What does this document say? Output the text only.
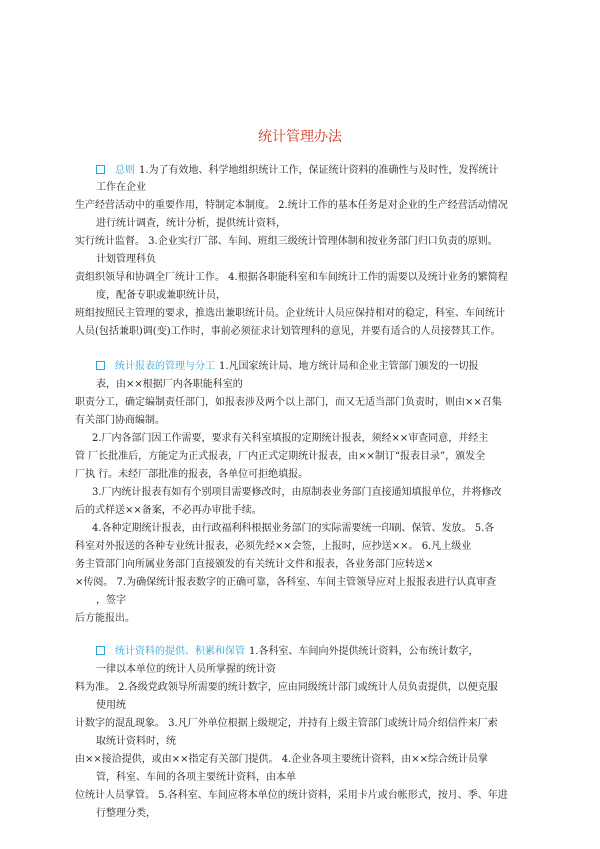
统计管理办法
总则 1.为了有效地、科学地组织统计工作，保证统计资料的准确性与及时性，发挥统计
工作在企业
生产经营活动中的重要作用，特制定本制度。 2.统计工作的基本任务是对企业的生产经营活动情况
进行统计调查，统计分析，提供统计资料，
实行统计监督。 3.企业实行厂部、车间、班组三级统计管理体制和按业务部门归口负责的原则。
计划管理科负
责组织领导和协调全厂统计工作。 4.根据各职能科室和车间统计工作的需要以及统计业务的繁简程
度，配备专职或兼职统计员，
班组按照民主管理的要求，推选出兼职统计员。企业统计人员应保持相对的稳定，科室、车间统计
人员(包括兼职)调(变)工作时，事前必须征求计划管理科的意见，并要有适合的人员接替其工作。
统计报表的管理与分工 1.凡国家统计局、地方统计局和企业主管部门颁发的一切报
表，由××根据厂内各职能科室的
职责分工，确定编制责任部门，如报表涉及两个以上部门，而又无适当部门负责时，则由××召集
有关部门协商编制。
2.厂内各部门因工作需要，要求有关科室填报的定期统计报表，须经××审查同意，并经主
管 厂长批准后，方能定为正式报表，厂内正式定期统计报表，由××制订“报表目录”，颁发全
厂执 行。未经厂部批准的报表，各单位可拒绝填报。
3.厂内统计报表有如有个别项目需要修改时，由原制表业务部门直接通知填报单位，并将修改
后的式样送××备案，不必再办审批手续。
4.各种定期统计报表，由行政福利科根据业务部门的实际需要统一印刷、保管、发放。 5.各
科室对外报送的各种专业统计报表，必须先经××会签，上报时，应抄送××。 6.凡上级业
务主管部门向所属业务部门直接颁发的有关统计文件和报表，各业务部门应转送×
×传阅。 7.为确保统计报表数字的正确可靠，各科室、车间主管领导应对上报报表进行认真审查
，签字
后方能报出。
统计资料的提供、积累和保管 1.各科室、车间向外提供统计资料，公布统计数字，
一律以本单位的统计人员所掌握的统计资
料为准。 2.各级党政领导所需要的统计数字，应由同级统计部门或统计人员负责提供，以便克服
使用统
计数字的混乱现象。 3.凡厂外单位根据上级规定，并持有上级主管部门或统计局介绍信件来厂索
取统计资料时，统
由××接洽提供，或由××指定有关部门提供。 4.企业各项主要统计资料，由××综合统计员掌
管，科室、车间的各项主要统计资料，由本单
位统计人员掌管。 5.各科室、车间应将本单位的统计资料，采用卡片或台帐形式，按月、季、年进
行整理分类，
